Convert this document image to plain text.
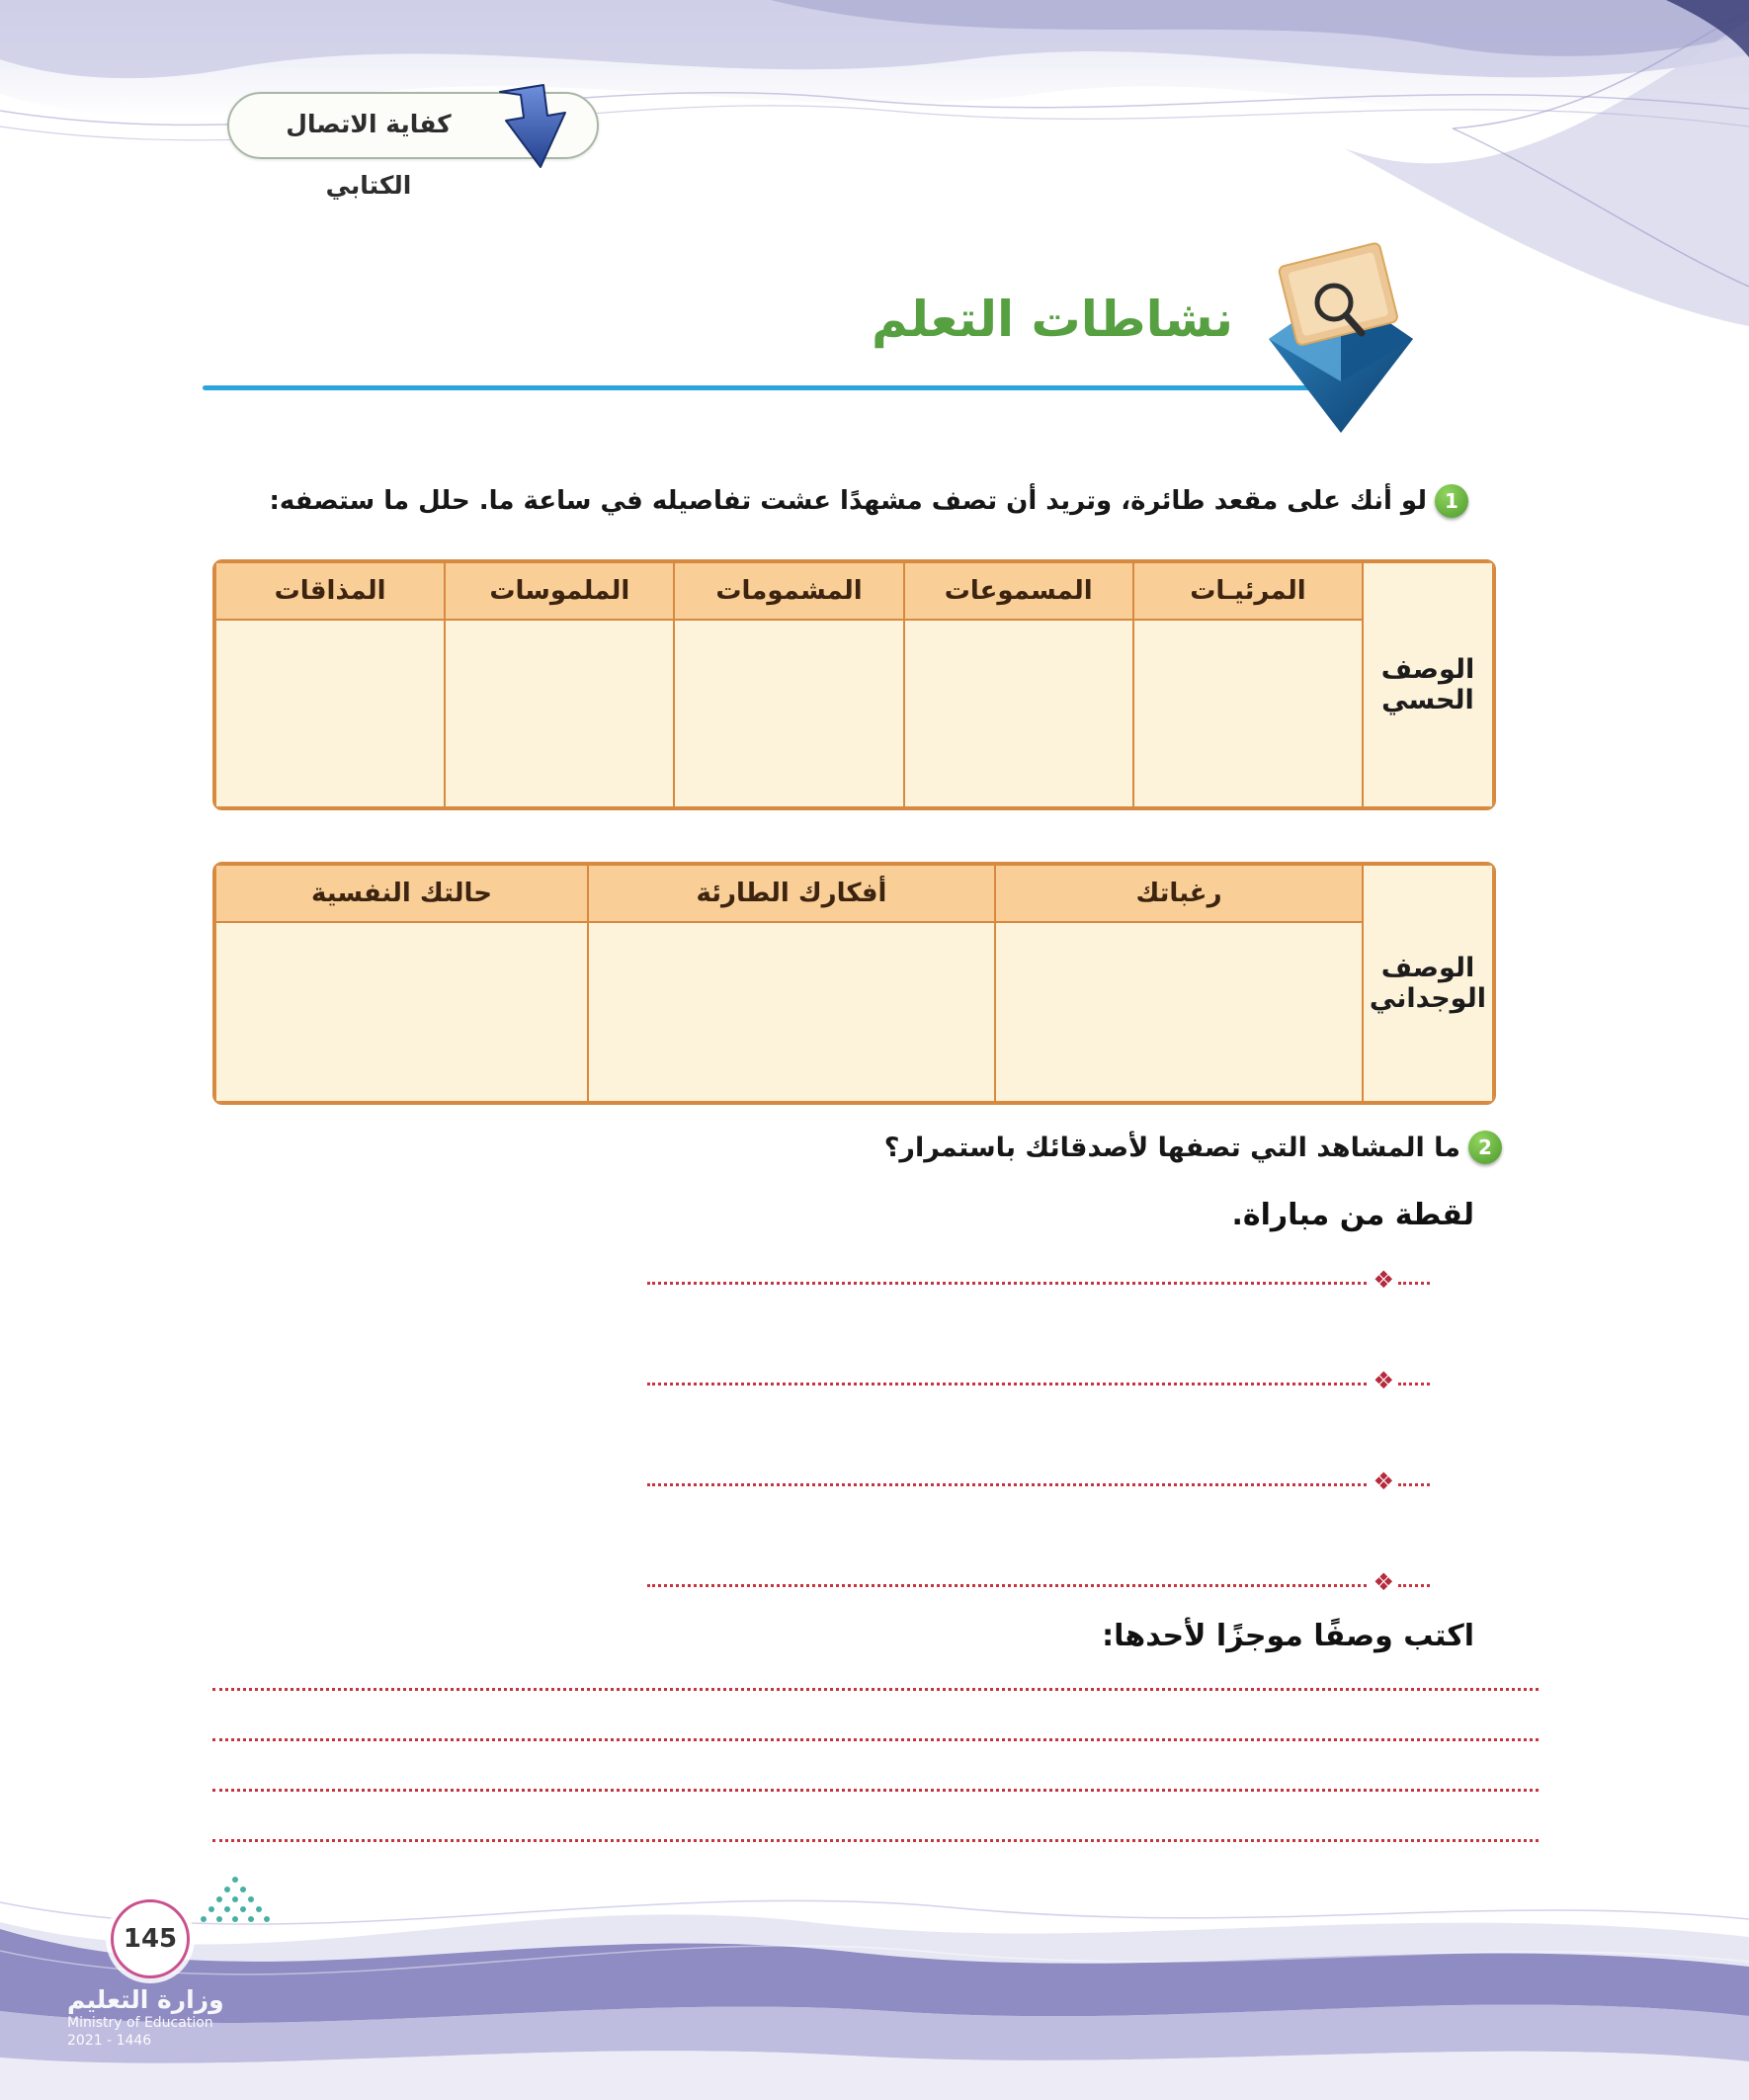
كفاية الاتصال الكتابي
نشاطات التعلم
1
لو أنك على مقعد طائرة، وتريد أن تصف مشهدًا عشت تفاصيله في ساعة ما. حلل ما ستصفه:
الوصف الحسي	المرئيـات	المسموعات	المشمومات	الملموسات	المذاقات

الوصف الوجداني	رغباتك	أفكارك الطارئة	حالتك النفسية

2
ما المشاهد التي تصفها لأصدقائك باستمرار؟
لقطة من مباراة.
❖
❖
❖
❖
اكتب وصفًا موجزًا لأحدها:
145
وزارة التعليم
Ministry of Education
2021 - 1446
